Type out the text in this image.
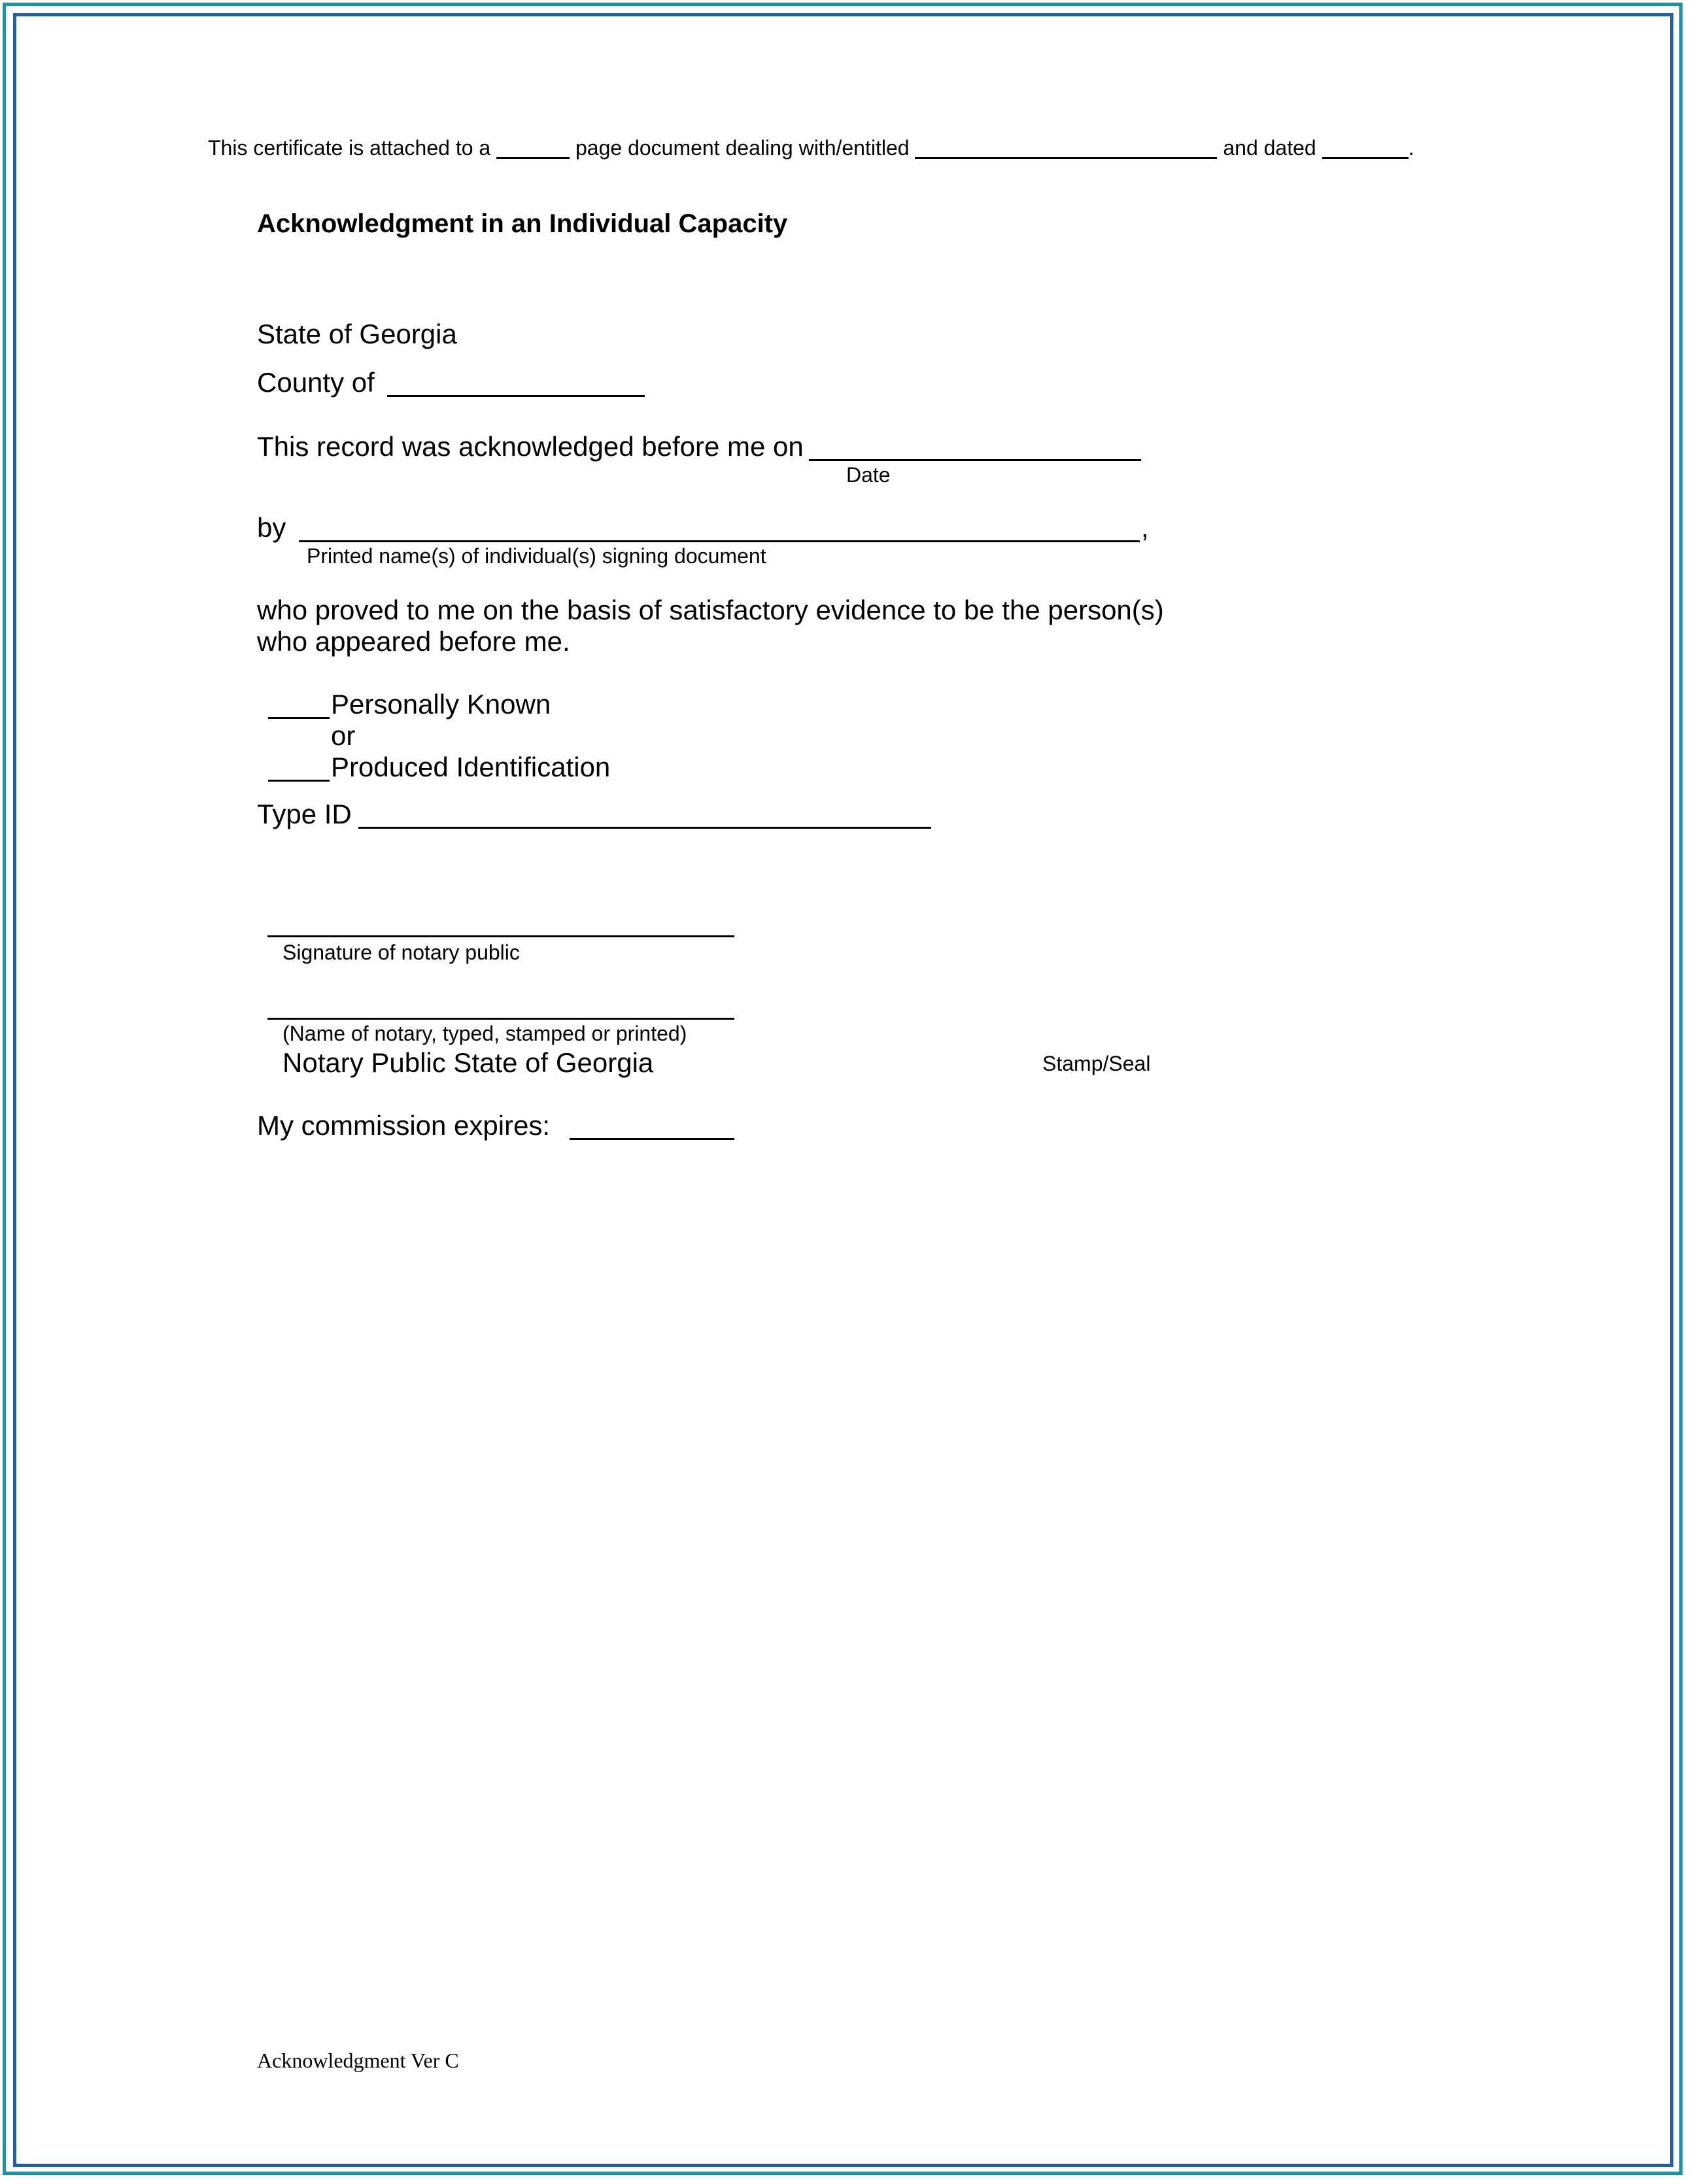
This certificate is attached to a	page document dealing with/entitled	and dated	.
Acknowledgment in an Individual Capacity
State of Georgia
County of
This record was acknowledged before me on
Date
by	,
Printed name(s) of individual(s) signing document
who proved to me on the basis of satisfactory evidence to be the person(s)
who appeared before me.
Personally Known
or
Produced Identification
Type ID
Signature of notary public
(Name of notary, typed, stamped or printed)
Notary Public State of Georgia	Stamp/Seal
My commission expires:
Acknowledgment Ver C
